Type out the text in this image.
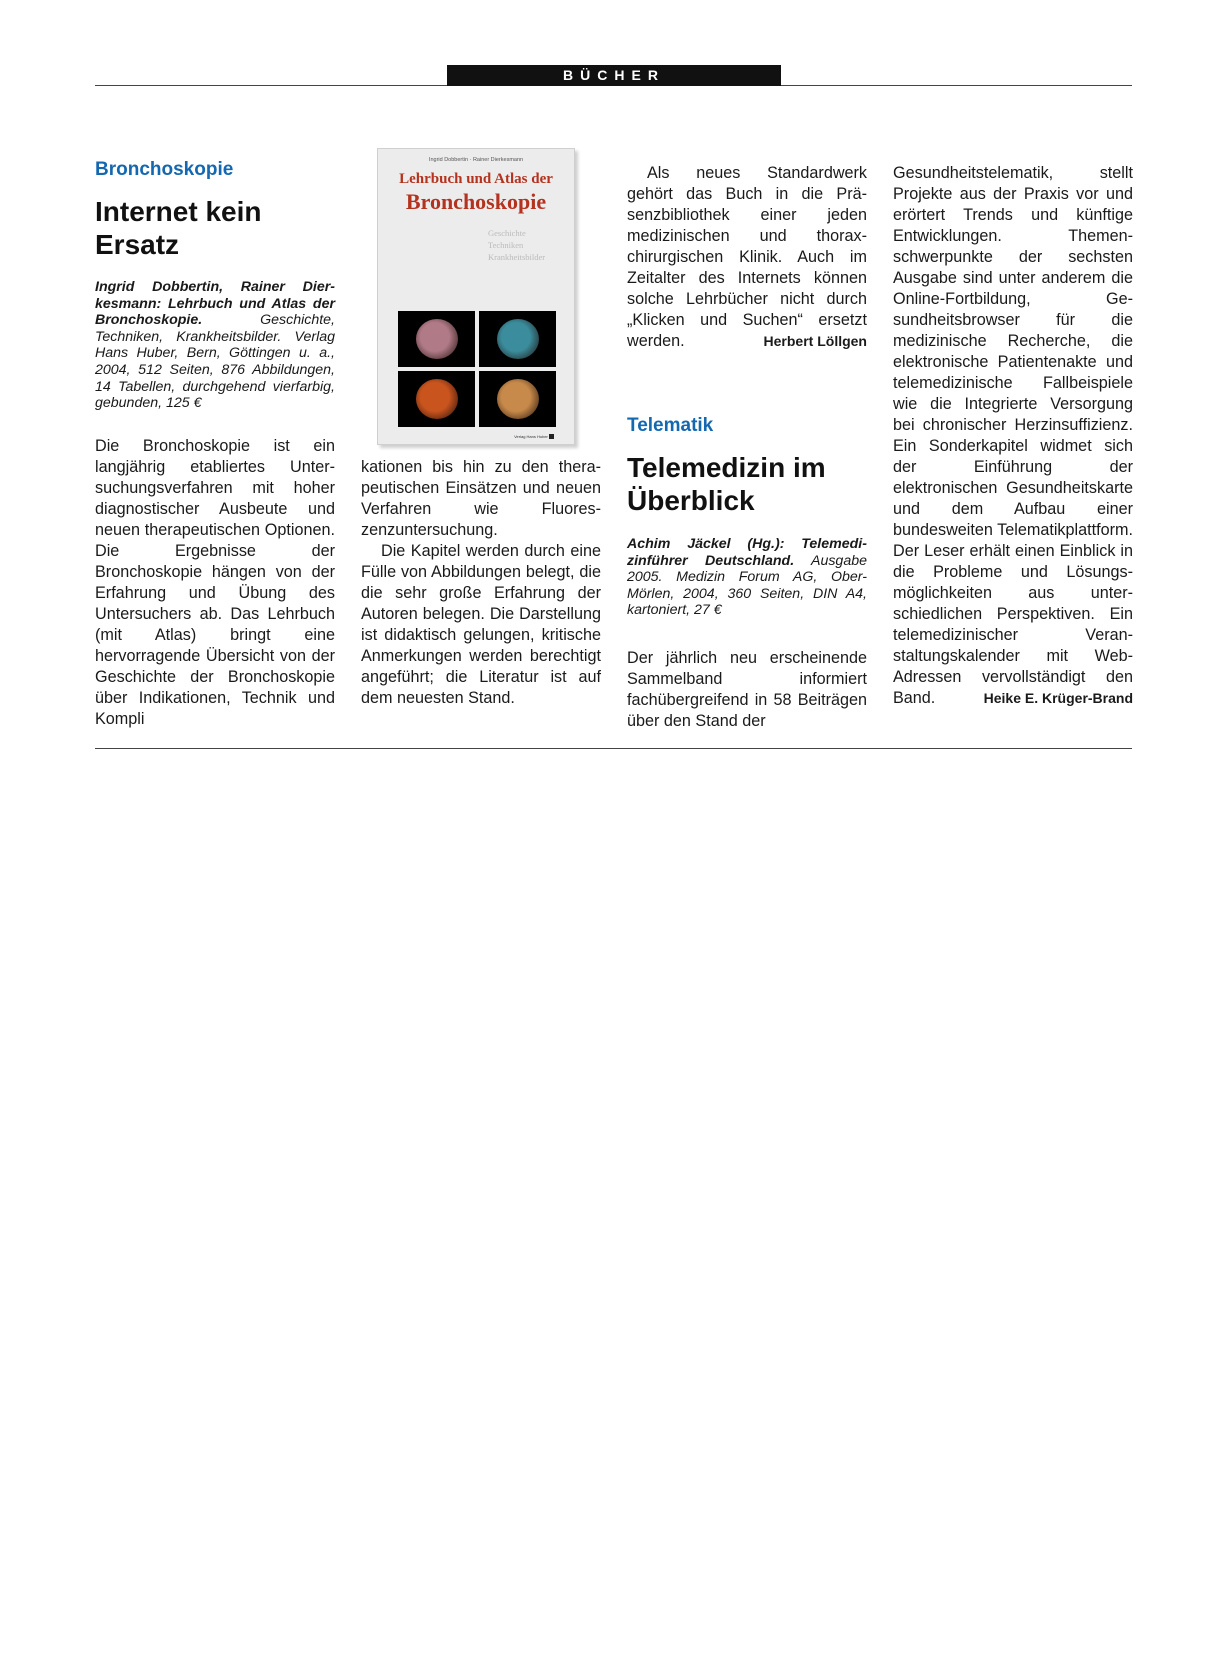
BÜCHER
Bronchoskopie
Internet kein
Ersatz
Ingrid Dobbertin, Rainer Dierkesmann: Lehrbuch und Atlas der Bronchoskopie.	Geschichte, Techniken, Krankheitsbilder. Verlag Hans Huber, Bern, Göttingen u. a., 2004, 512 Seiten, 876 Abbildungen, 14 Tabellen, durchgehend vierfarbig, gebunden, 125 €

Die Bronchoskopie ist ein langjährig etabliertes Untersuchungsverfahren mit hoher diagnostischer Ausbeute und neuen therapeutischen Optionen. Die Ergebnisse der Bronchoskopie hängen von der Erfahrung und Übung des Untersuchers ab. Das Lehrbuch (mit Atlas) bringt eine hervorragende Übersicht von der Geschichte der Bronchoskopie über Indikationen, Technik und Kompli

Ingrid Dobbertin · Rainer Dierkesmann
Lehrbuch und Atlas der
Bronchoskopie
Geschichte
Techniken
Krankheitsbilder
Verlag Hans Huber

kationen bis hin zu den therapeutischen Einsätzen und neuen Verfahren wie Fluoreszenzuntersuchung.

Die Kapitel werden durch eine Fülle von Abbildungen belegt, die die sehr große Erfahrung der Autoren belegen. Die Darstellung ist didaktisch gelungen, kritische Anmerkungen werden berechtigt angeführt; die Literatur ist auf dem neuesten Stand.

Als neues Standardwerk gehört das Buch in die Präsenzbibliothek einer jeden medizinischen und thoraxchirurgischen Klinik. Auch im Zeitalter des Internets können solche Lehrbücher nicht durch „Klicken und Suchen“ ersetzt werden.	Herbert Löllgen

Telematik
Telemedizin im
Überblick
Achim Jäckel (Hg.): Telemedizinführer Deutschland. Ausgabe 2005. Medizin Forum AG, Ober-Mörlen, 2004, 360 Seiten, DIN A4, kartoniert, 27 €

Der jährlich neu erscheinende Sammelband informiert fachübergreifend in 58 Beiträgen über den Stand der

Gesundheitstelematik, stellt Projekte aus der Praxis vor und erörtert Trends und künftige Entwicklungen. Themenschwerpunkte der sechsten Ausgabe sind unter anderem die Online-Fortbildung, Gesundheitsbrowser für die medizinische Recherche, die elektronische Patientenakte und telemedizinische Fallbeispiele wie die Integrierte Versorgung bei chronischer Herzinsuffizienz. Ein Sonderkapitel widmet sich der Einführung der elektronischen Gesundheitskarte und dem Aufbau einer bundesweiten Telematikplattform. Der Leser erhält einen Einblick in die Probleme und Lösungsmöglichkeiten aus unterschiedlichen Perspektiven. Ein telemedizinischer Veranstaltungskalender mit Web-Adressen vervollständigt den Band.	Heike E. Krüger-Brand
